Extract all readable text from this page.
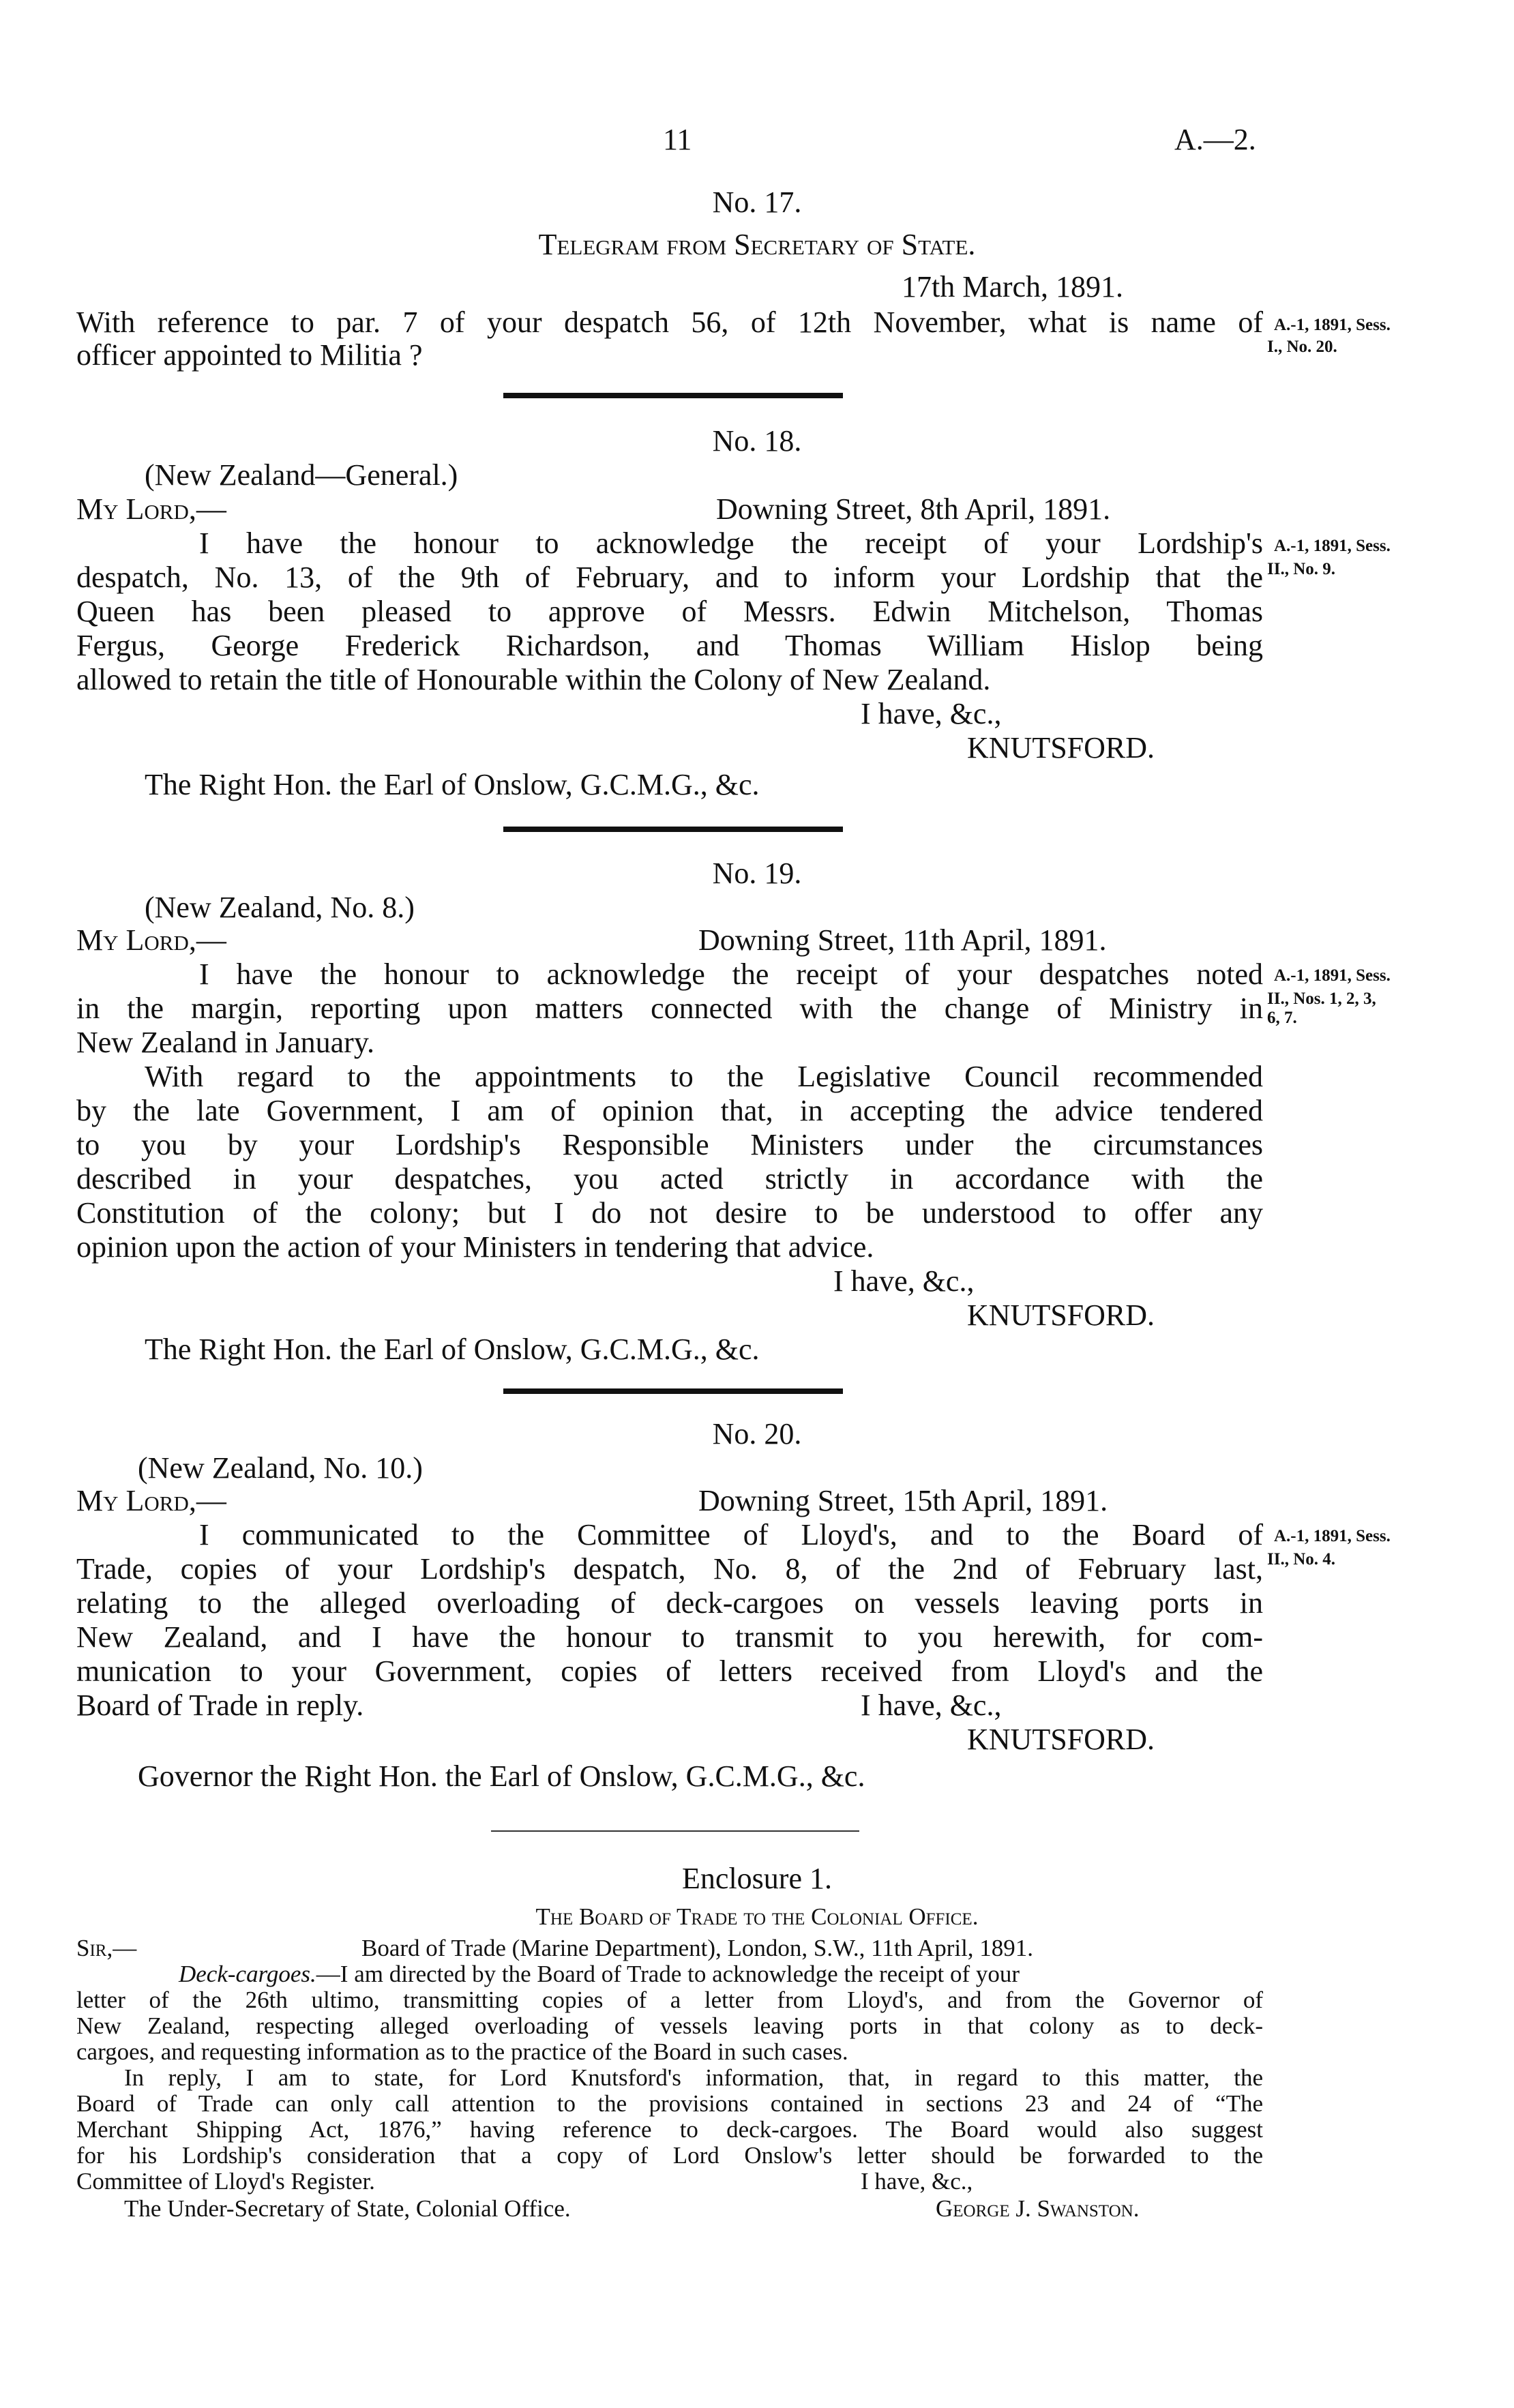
11	A.—2.
No. 17.
Telegram from Secretary of State.
17th March, 1891.
With reference to par. 7 of your despatch 56, of 12th November, what is name of
officer appointed to Militia ?
A.-1, 1891, Sess.
I., No. 20.
No. 18.
(New Zealand—General.)
My Lord,—	Downing Street, 8th April, 1891.
I have the honour to acknowledge the receipt of your Lordship's
despatch, No. 13, of the 9th of February, and to inform your Lordship that the
Queen has been pleased to approve of Messrs. Edwin Mitchelson, Thomas
Fergus, George Frederick Richardson, and Thomas William Hislop being
allowed to retain the title of Honourable within the Colony of New Zealand.
I have, &c.,
KNUTSFORD.
The Right Hon. the Earl of Onslow, G.C.M.G., &c.
A.-1, 1891, Sess.
II., No. 9.
No. 19.
(New Zealand, No. 8.)
My Lord,—	Downing Street, 11th April, 1891.
I have the honour to acknowledge the receipt of your despatches noted
in the margin, reporting upon matters connected with the change of Ministry in
New Zealand in January.
With regard to the appointments to the Legislative Council recommended
by the late Government, I am of opinion that, in accepting the advice tendered
to you by your Lordship's Responsible Ministers under the circumstances
described in your despatches, you acted strictly in accordance with the
Constitution of the colony; but I do not desire to be understood to offer any
opinion upon the action of your Ministers in tendering that advice.
I have, &c.,
KNUTSFORD.
The Right Hon. the Earl of Onslow, G.C.M.G., &c.
A.-1, 1891, Sess.
II., Nos. 1, 2, 3,
6, 7.
No. 20.
(New Zealand, No. 10.)
My Lord,—	Downing Street, 15th April, 1891.
I communicated to the Committee of Lloyd's, and to the Board of
Trade, copies of your Lordship's despatch, No. 8, of the 2nd of February last,
relating to the alleged overloading of deck-cargoes on vessels leaving ports in
New Zealand, and I have the honour to transmit to you herewith, for com-
munication to your Government, copies of letters received from Lloyd's and the
Board of Trade in reply.	I have, &c.,
KNUTSFORD.
Governor the Right Hon. the Earl of Onslow, G.C.M.G., &c.
A.-1, 1891, Sess.
II., No. 4.
Enclosure 1.
The Board of Trade to the Colonial Office.
Sir,—	Board of Trade (Marine Department), London, S.W., 11th April, 1891.
Deck-cargoes.—I am directed by the Board of Trade to acknowledge the receipt of your
letter of the 26th ultimo, transmitting copies of a letter from Lloyd's, and from the Governor of
New Zealand, respecting alleged overloading of vessels leaving ports in that colony as to deck-
cargoes, and requesting information as to the practice of the Board in such cases.
In reply, I am to state, for Lord Knutsford's information, that, in regard to this matter, the
Board of Trade can only call attention to the provisions contained in sections 23 and 24 of “The
Merchant Shipping Act, 1876,” having reference to deck-cargoes. The Board would also suggest
for his Lordship's consideration that a copy of Lord Onslow's letter should be forwarded to the
Committee of Lloyd's Register.	I have, &c.,
The Under-Secretary of State, Colonial Office.	George J. Swanston.
